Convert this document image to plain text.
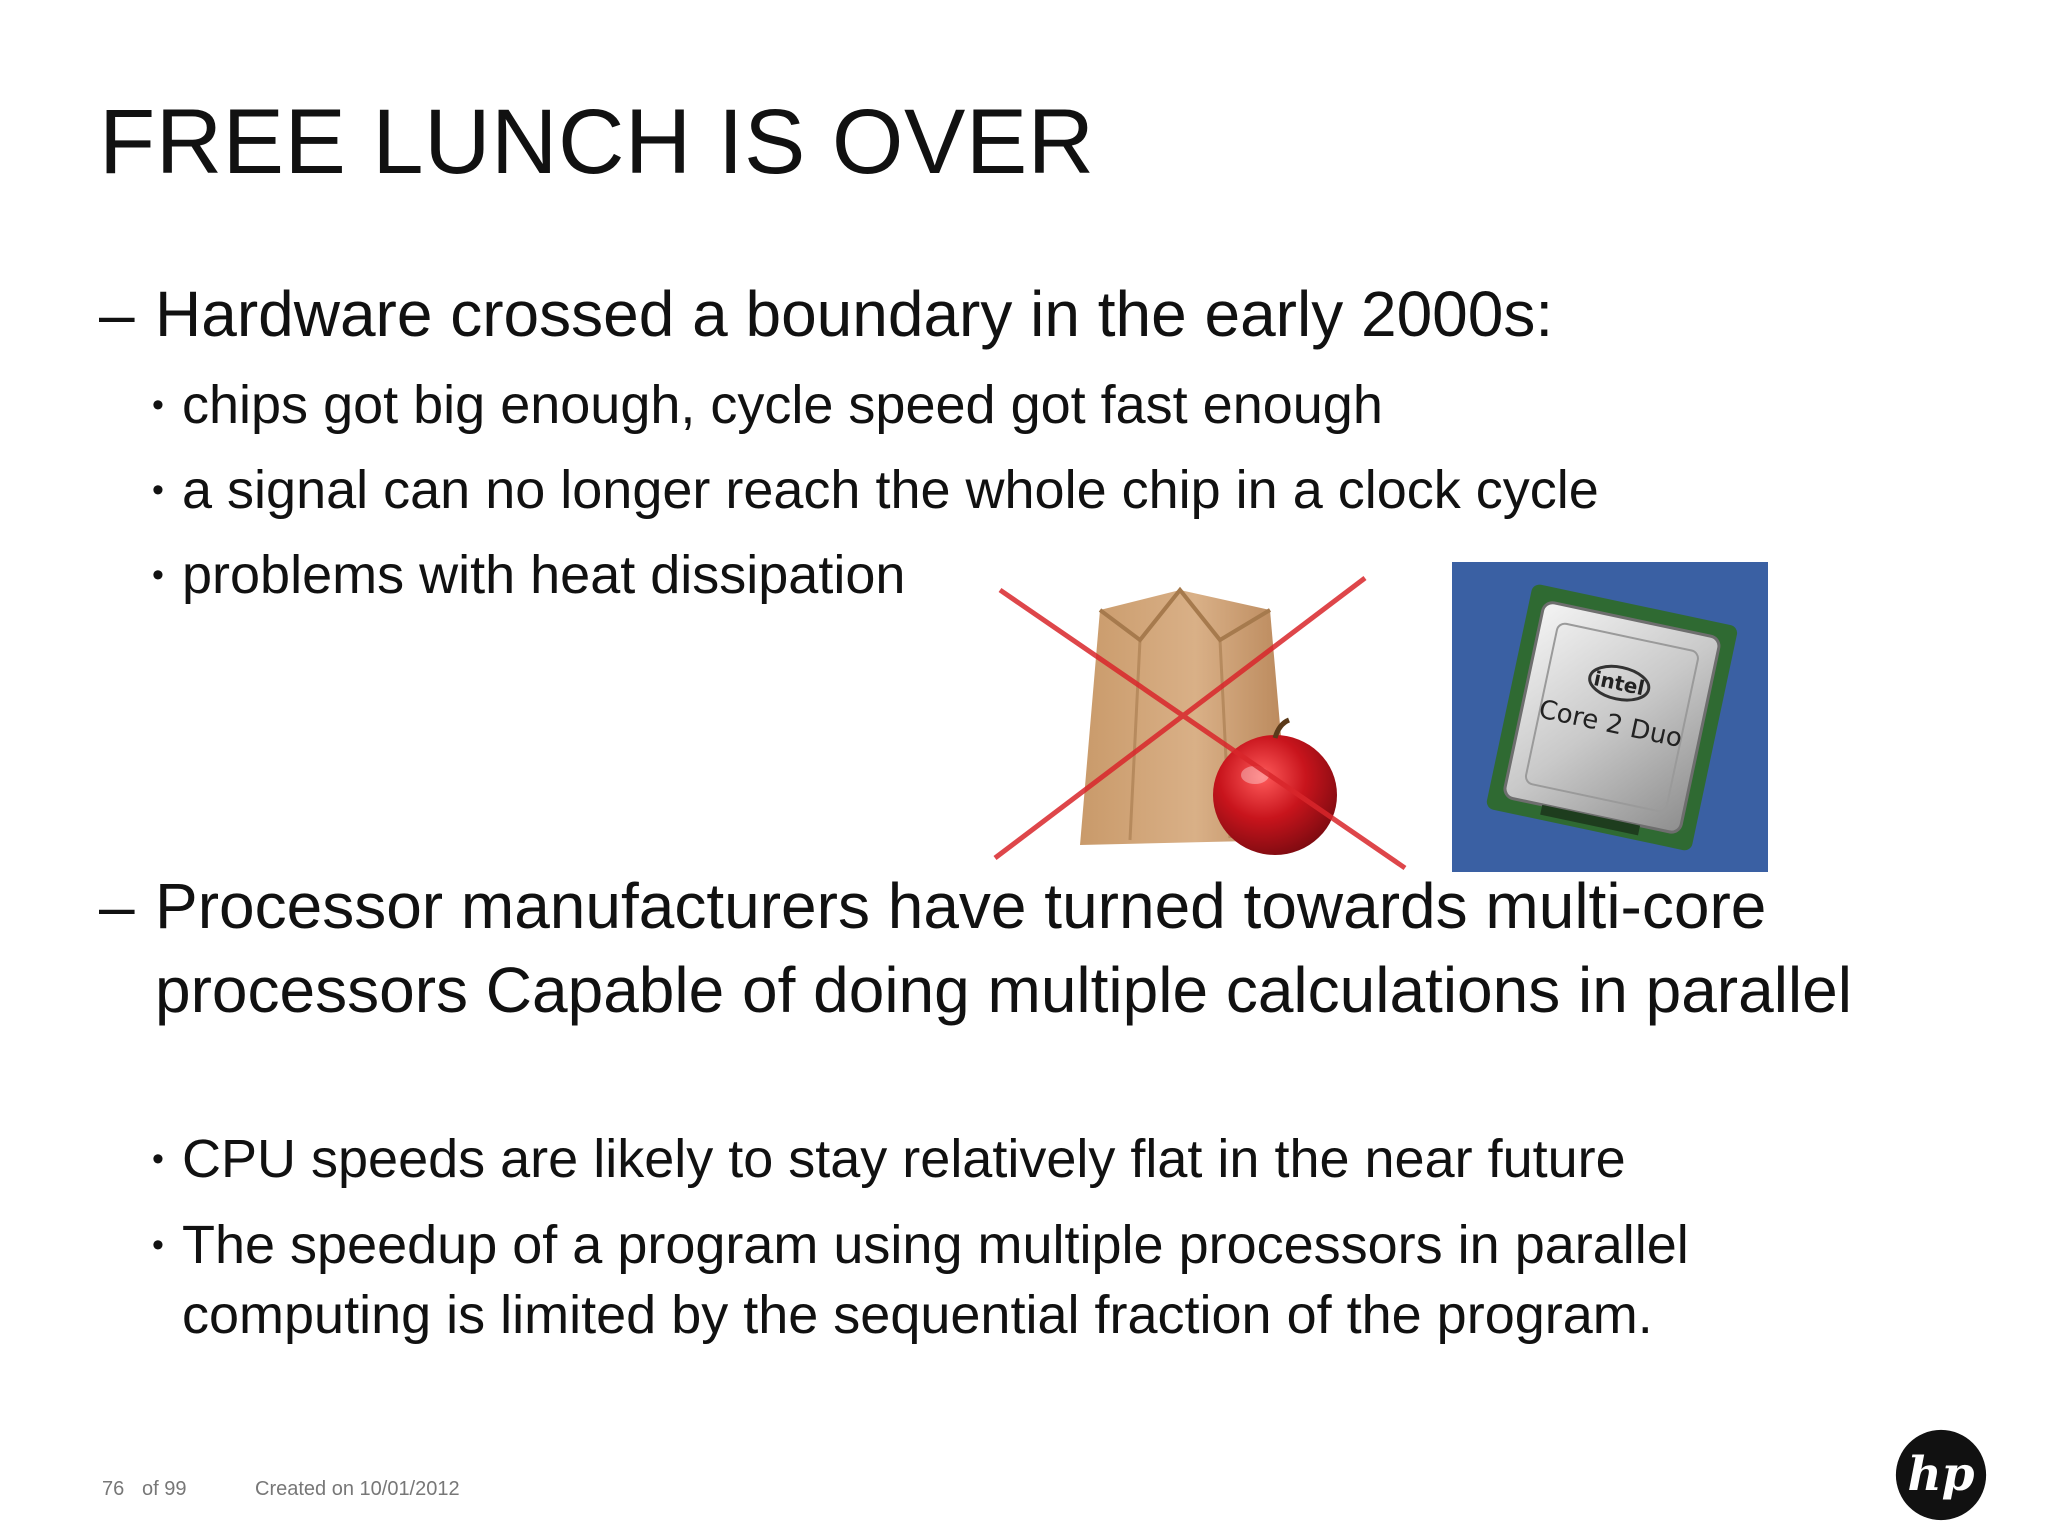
FREE LUNCH IS OVER
– Hardware crossed a boundary in the early 2000s:
• chips got big enough, cycle speed got fast enough
• a signal can no longer reach the whole chip in a clock cycle
• problems with heat dissipation
intel
Core 2 Duo
– Processor manufacturers have turned towards multi-core processors Capable of doing multiple calculations in parallel
• CPU speeds are likely to stay relatively flat in the near future
• The speedup of a program using multiple processors in parallel computing is limited by the sequential fraction of the program.
76 of 99	Created on 10/01/2012	hp
